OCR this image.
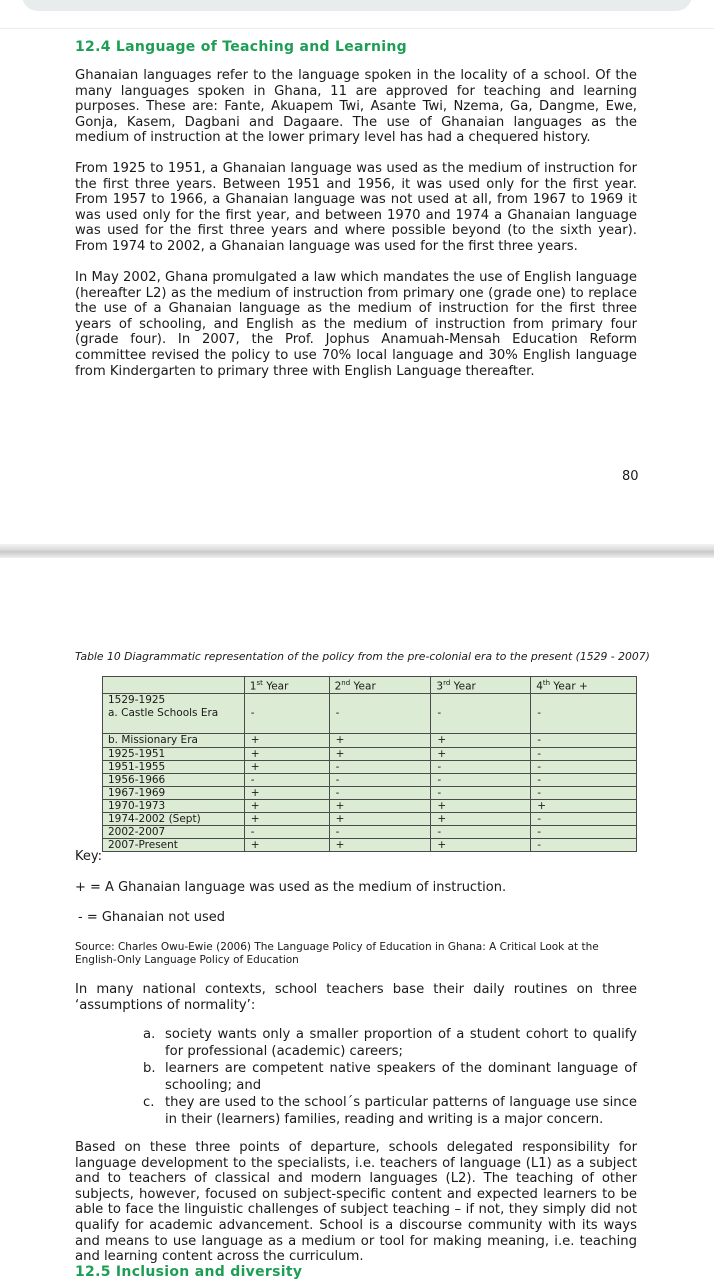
12.4 Language of Teaching and Learning

Ghanaian languages refer to the language spoken in the locality of a school. Of the many languages spoken in Ghana, 11 are approved for teaching and learning purposes. These are: Fante, Akuapem Twi, Asante Twi, Nzema, Ga, Dangme, Ewe, Gonja, Kasem, Dagbani and Dagaare. The use of Ghanaian languages as the medium of instruction at the lower primary level has had a chequered history.

From 1925 to 1951, a Ghanaian language was used as the medium of instruction for the first three years. Between 1951 and 1956, it was used only for the first year. From 1957 to 1966, a Ghanaian language was not used at all, from 1967 to 1969 it was used only for the first year, and between 1970 and 1974 a Ghanaian language was used for the first three years and where possible beyond (to the sixth year). From 1974 to 2002, a Ghanaian language was used for the first three years.

In May 2002, Ghana promulgated a law which mandates the use of English language (hereafter L2) as the medium of instruction from primary one (grade one) to replace the use of a Ghanaian language as the medium of instruction for the first three years of schooling, and English as the medium of instruction from primary four (grade four). In 2007, the Prof. Jophus Anamuah-Mensah Education Reform committee revised the policy to use 70% local language and 30% English language from Kindergarten to primary three with English Language thereafter.

80
Table 10 Diagrammatic representation of the policy from the pre-colonial era to the present (1529 - 2007)
	1st Year	2nd Year	3rd Year	4th Year +
1529-1925
a. Castle Schools Era	-	-	-	-
b. Missionary Era	+	+	+	-
1925-1951	+	+	+	-
1951-1955	+	-	-	-
1956-1966	-	-	-	-
1967-1969	+	-	-	-
1970-1973	+	+	+	+
1974-2002 (Sept)	+	+	+	-
2002-2007	-	-	-	-
2007-Present	+	+	+	-
Key:
+ = A Ghanaian language was used as the medium of instruction.
- = Ghanaian not used
Source: Charles Owu-Ewie (2006) The Language Policy of Education in Ghana: A Critical Look at the English-Only Language Policy of Education

In many national contexts, school teachers base their daily routines on three ‘assumptions of normality’:

a. society wants only a smaller proportion of a student cohort to qualify for professional (academic) careers;
b. learners are competent native speakers of the dominant language of schooling; and
c. they are used to the school´s particular patterns of language use since in their (learners) families, reading and writing is a major concern.

Based on these three points of departure, schools delegated responsibility for language development to the specialists, i.e. teachers of language (L1) as a subject and to teachers of classical and modern languages (L2). The teaching of other subjects, however, focused on subject-specific content and expected learners to be able to face the linguistic challenges of subject teaching – if not, they simply did not qualify for academic advancement. School is a discourse community with its ways and means to use language as a medium or tool for making meaning, i.e. teaching and learning content across the curriculum.

12.5 Inclusion and diversity
